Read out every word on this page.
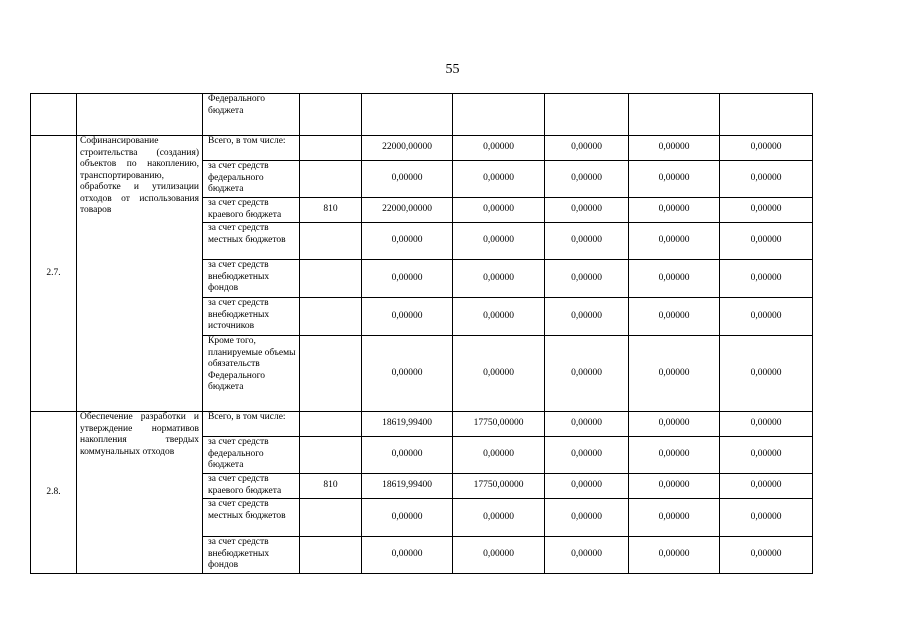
55
		Федерального бюджета						
2.7.	Софинансирование строительства (создания) объектов по накоплению, транспортированию, обработке и утилизации отходов от использования товаров	Всего, в том числе:		22000,00000	0,00000	0,00000	0,00000	0,00000
		за счет средств федерального бюджета		0,00000	0,00000	0,00000	0,00000	0,00000
		за счет средств краевого бюджета	810	22000,00000	0,00000	0,00000	0,00000	0,00000
		за счет средств местных бюджетов		0,00000	0,00000	0,00000	0,00000	0,00000
		за счет средств внебюджетных фондов		0,00000	0,00000	0,00000	0,00000	0,00000
		за счет средств внебюджетных источников		0,00000	0,00000	0,00000	0,00000	0,00000
		Кроме того, планируемые объемы обязательств Федерального бюджета		0,00000	0,00000	0,00000	0,00000	0,00000
2.8.	Обеспечение разработки и утверждение нормативов накопления твердых коммунальных отходов	Всего, в том числе:		18619,99400	17750,00000	0,00000	0,00000	0,00000
		за счет средств федерального бюджета		0,00000	0,00000	0,00000	0,00000	0,00000
		за счет средств краевого бюджета	810	18619,99400	17750,00000	0,00000	0,00000	0,00000
		за счет средств местных бюджетов		0,00000	0,00000	0,00000	0,00000	0,00000
		за счет средств внебюджетных фондов		0,00000	0,00000	0,00000	0,00000	0,00000
